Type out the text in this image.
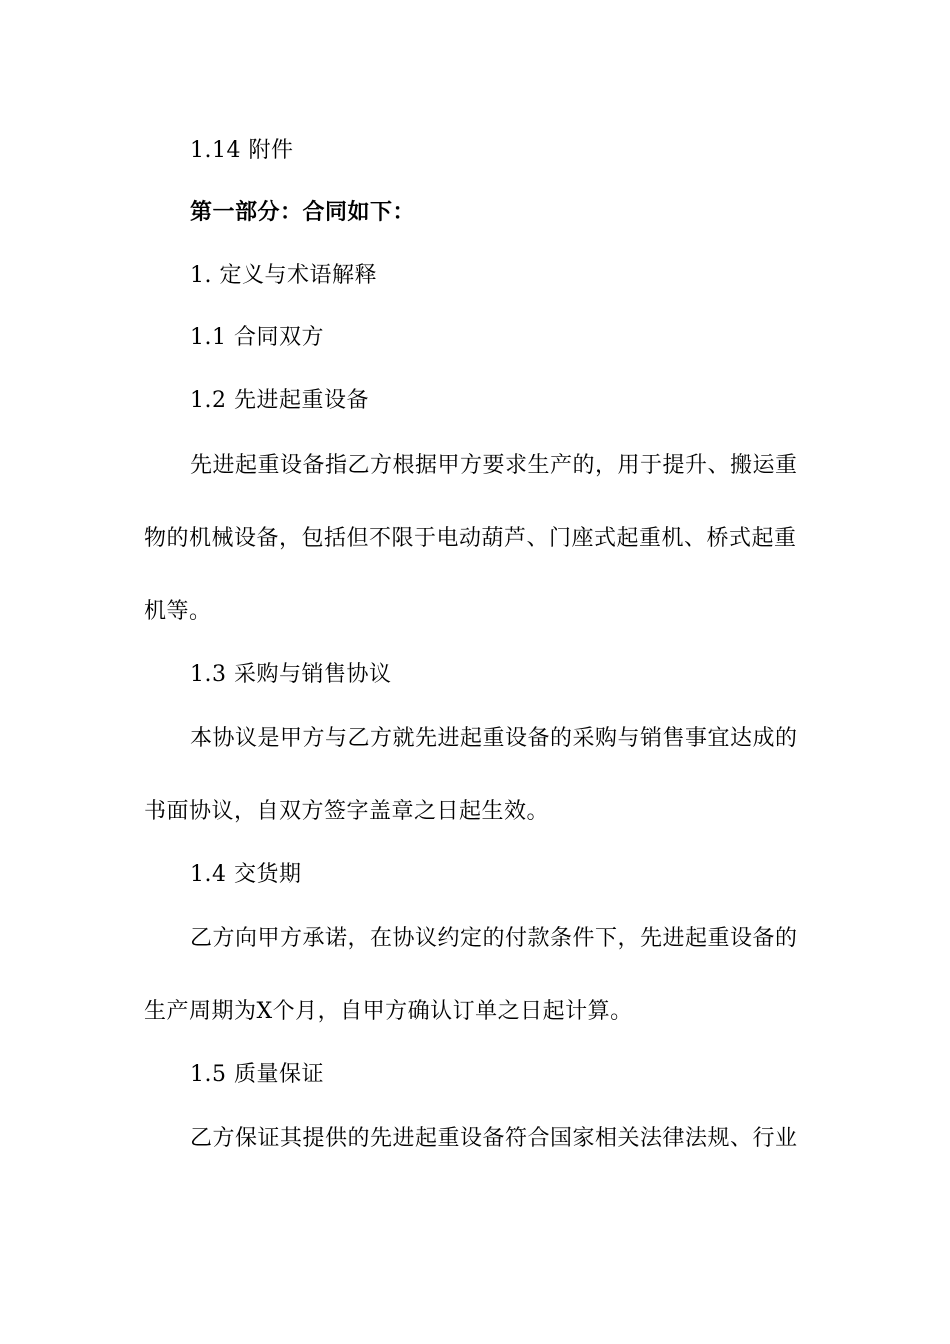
1.14 附件
第一部分：合同如下：
1. 定义与术语解释
1.1 合同双方
1.2 先进起重设备
先进起重设备指乙方根据甲方要求生产的，用于提升、搬运重
物的机械设备，包括但不限于电动葫芦、门座式起重机、桥式起重
机等。
1.3 采购与销售协议
本协议是甲方与乙方就先进起重设备的采购与销售事宜达成的
书面协议，自双方签字盖章之日起生效。
1.4 交货期
乙方向甲方承诺，在协议约定的付款条件下，先进起重设备的
生产周期为X个月，自甲方确认订单之日起计算。
1.5 质量保证
乙方保证其提供的先进起重设备符合国家相关法律法规、行业
